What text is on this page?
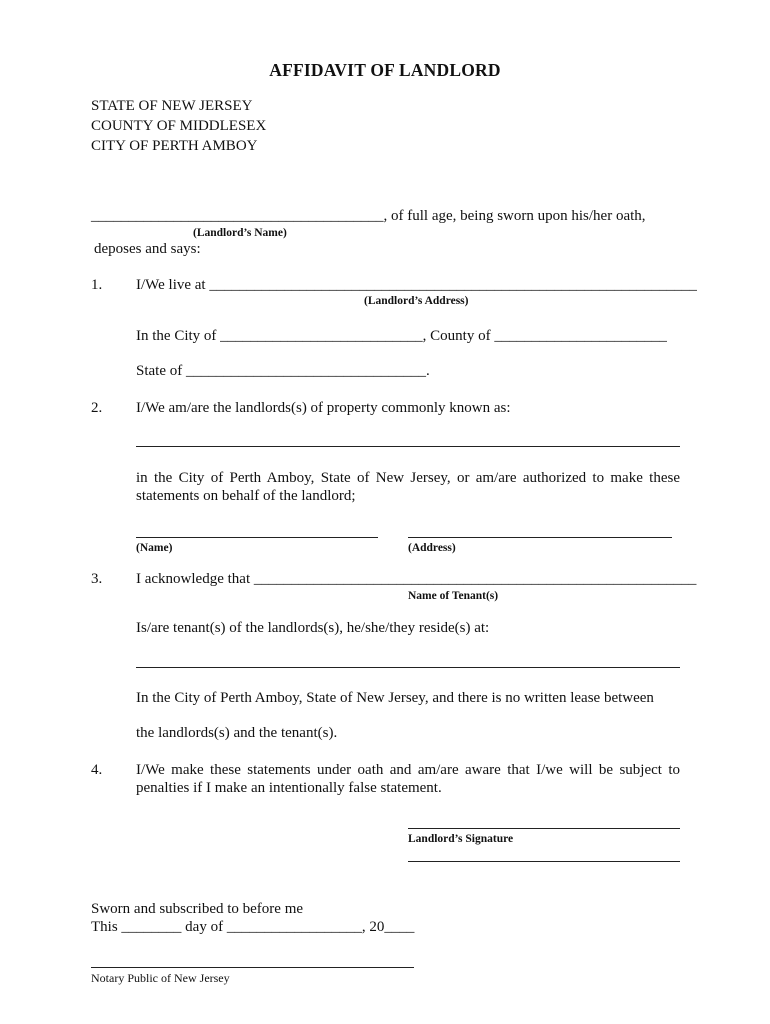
AFFIDAVIT OF LANDLORD
STATE OF NEW JERSEY
COUNTY OF MIDDLESEX
CITY OF PERTH AMBOY
_______________________________________, of full age, being sworn upon his/her oath,
(Landlord’s Name)
deposes and says:
1. I/We live at _________________________________________________________________
(Landlord’s Address)
In the City of ___________________________, County of _______________________
State of ________________________________.
2. I/We am/are the landlords(s) of property commonly known as:
in the City of Perth Amboy, State of New Jersey, or am/are authorized to make these statements on behalf of the landlord;
(Name)	(Address)
3. I acknowledge that ___________________________________________________________
Name of Tenant(s)
Is/are tenant(s) of the landlords(s), he/she/they reside(s) at:
In the City of Perth Amboy, State of New Jersey, and there is no written lease between
the landlords(s) and the tenant(s).
4. I/We make these statements under oath and am/are aware that I/we will be subject to penalties if I make an intentionally false statement.
Landlord’s Signature
Sworn and subscribed to before me
This ________ day of __________________, 20____
Notary Public of New Jersey
